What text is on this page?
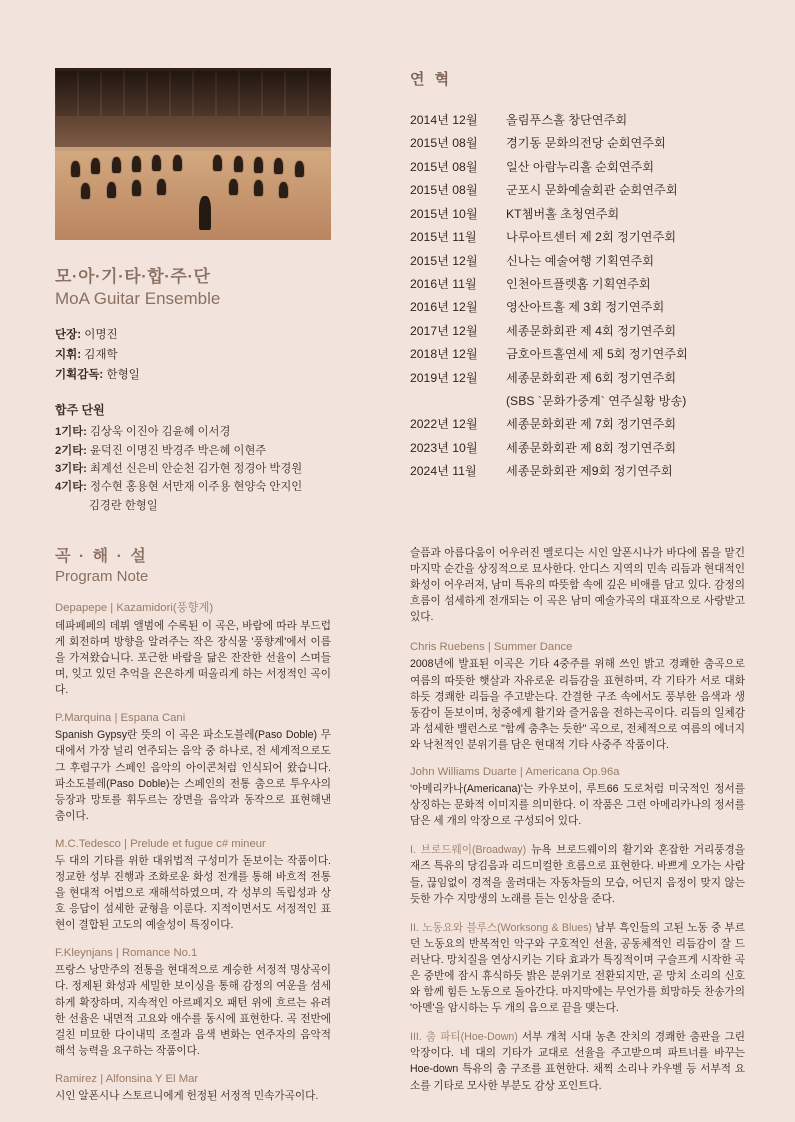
모·아·기·타·합·주·단
MoA Guitar Ensemble
단장: 이명진
지휘: 김재학
기획감독: 한형일
합주 단원
1기타: 김상욱 이진아 김윤혜 이서경
2기타: 윤덕진 이명진 박경주 박은혜 이현주
3기타: 최계선 신은비 안순천 김가현 정경아 박경원
4기타: 정수현 홍용현 서만재 이주용 현양숙 안지인
김경란 한형일
곡 · 해 · 설
Program Note
Depapepe | Kazamidori(풍향계)
데파페페의 데뷔 앨범에 수록된 이 곡은, 바람에 따라 부드럽게 회전하며 방향을 알려주는 작은 장식물 '풍향계'에서 이름을 가져왔습니다. 포근한 바람을 닮은 잔잔한 선율이 스며들며, 잊고 있던 추억을 은은하게 떠올리게 하는 서정적인 곡이다.
P.Marquina | Espana Cani
Spanish Gypsy란 뜻의 이 곡은 파소도블레(Paso Doble) 무대에서 가장 널리 연주되는 음악 중 하나로, 전 세계적으로도 그 후렴구가 스페인 음악의 아이콘처럼 인식되어 왔습니다. 파소도블레(Paso Doble)는 스페인의 전통 춤으로 투우사의 등장과 망토를 휘두르는 장면을 음악과 동작으로 표현해낸 춤이다.
M.C.Tedesco | Prelude et fugue c# mineur
두 대의 기타를 위한 대위법적 구성미가 돋보이는 작품이다. 정교한 성부 진행과 조화로운 화성 전개를 통해 바흐적 전통을 현대적 어법으로 재해석하였으며, 각 성부의 독립성과 상호 응답이 섬세한 균형을 이룬다. 지적이면서도 서정적인 표현이 결합된 고도의 예술성이 특징이다.
F.Kleynjans | Romance No.1
프랑스 낭만주의 전통을 현대적으로 계승한 서정적 명상곡이다. 정제된 화성과 세밀한 보이싱을 통해 감정의 여운을 섬세하게 확장하며, 지속적인 아르페지오 패턴 위에 흐르는 유려한 선율은 내면적 고요와 애수를 동시에 표현한다. 곡 전반에 걸친 미묘한 다이내믹 조절과 음색 변화는 연주자의 음악적 해석 능력을 요구하는 작품이다.
Ramirez | Alfonsina Y El Mar
시인 알폰시나 스토르니에게 헌정된 서정적 민속가곡이다.
연 혁
2014년 12월	올림푸스홀 창단연주회
2015년 08월	경기동 문화의전당 순회연주회
2015년 08월	일산 아람누리홀 순회연주회
2015년 08월	군포시 문화예술회관 순회연주회
2015년 10월	KT쳄버홀 초청연주회
2015년 11월	나루아트센터 제 2회 정기연주회
2015년 12월	신나는 예술여행 기획연주회
2016년 11월	인천아트플렛홈 기획연주회
2016년 12월	영산아트홀 제 3회 정기연주회
2017년 12월	세종문화회관 제 4회 정기연주회
2018년 12월	금호아트홀연세 제 5회 정기연주회
2019년 12월	세종문화회관 제 6회 정기연주회
(SBS `문화가중계` 연주실황 방송)
2022년 12월	세종문화회관 제 7회 정기연주회
2023년 10월	세종문화회관 제 8회 정기연주회
2024년 11월	세종문화회관 제9회 정기연주회
슬픔과 아름다움이 어우러진 멜로디는 시인 알폰시나가 바다에 몸을 맡긴 마지막 순간을 상징적으로 묘사한다. 안디스 지역의 민속 리듬과 현대적인 화성이 어우러져, 남미 특유의 따뜻함 속에 깊은 비애를 담고 있다. 감정의 흐름이 섬세하게 전개되는 이 곡은 남미 예술가곡의 대표작으로 사랑받고 있다.
Chris Ruebens | Summer Dance
2008년에 발표된 이곡은 기타 4중주를 위해 쓰인 밝고 경쾌한 춤곡으로 여름의 따뜻한 햇살과 자유로운 리듬감을 표현하며, 각 기타가 서로 대화하듯 경쾌한 리듬을 주고받는다. 간결한 구조 속에서도 풍부한 음색과 생동감이 돋보이며, 청중에게 활기와 즐거움을 전하는곡이다. 리듬의 일체감과 섬세한 밸런스로 "함께 춤추는 듯한" 곡으로, 전체적으로 여름의 에너지와 낙천적인 분위기를 담은 현대적 기타 사중주 작품이다.
John Williams Duarte | Americana Op.96a
'아메리카나(Americana)'는 카우보이, 루트66 도로처럼 미국적인 정서를 상징하는 문화적 이미지를 의미한다. 이 작품은 그런 아메리카나의 정서를 담은 세 개의 악장으로 구성되어 있다.

I. 브로드웨이(Broadway) 뉴욕 브로드웨이의 활기와 혼잡한 거리풍경을 재즈 특유의 당김음과 리드미컬한 흐름으로 표현한다. 바쁘게 오가는 사람들, 끊임없이 경적을 울려대는 자동차들의 모습, 어딘지 음정이 맞지 않는 듯한 가수 지망생의 노래를 듣는 인상을 준다.

II. 노동요와 블루스(Worksong & Blues) 남부 흑인들의 고된 노동 중 부르던 노동요의 반복적인 악구와 구호적인 선율, 공동체적인 리듬감이 잘 드러난다. 망치질을 연상시키는 기타 효과가 특징적이며 구슬프게 시작한 곡은 중반에 잠시 휴식하듯 밝은 분위기로 전환되지만, 곧 망치 소리의 신호와 함께 힘든 노동으로 돌아간다. 마지막에는 무언가를 희망하듯 찬송가의 '아멘'을 암시하는 두 개의 음으로 끝을 맺는다.

III. 춤 파티(Hoe-Down) 서부 개척 시대 농촌 잔치의 경쾌한 춤판을 그린 악장이다. 네 대의 기타가 교대로 선율을 주고받으며 파트너를 바꾸는 Hoe-down 특유의 춤 구조를 표현한다. 채찍 소리나 카우벨 등 서부적 요소를 기타로 모사한 부분도 감상 포인트다.
